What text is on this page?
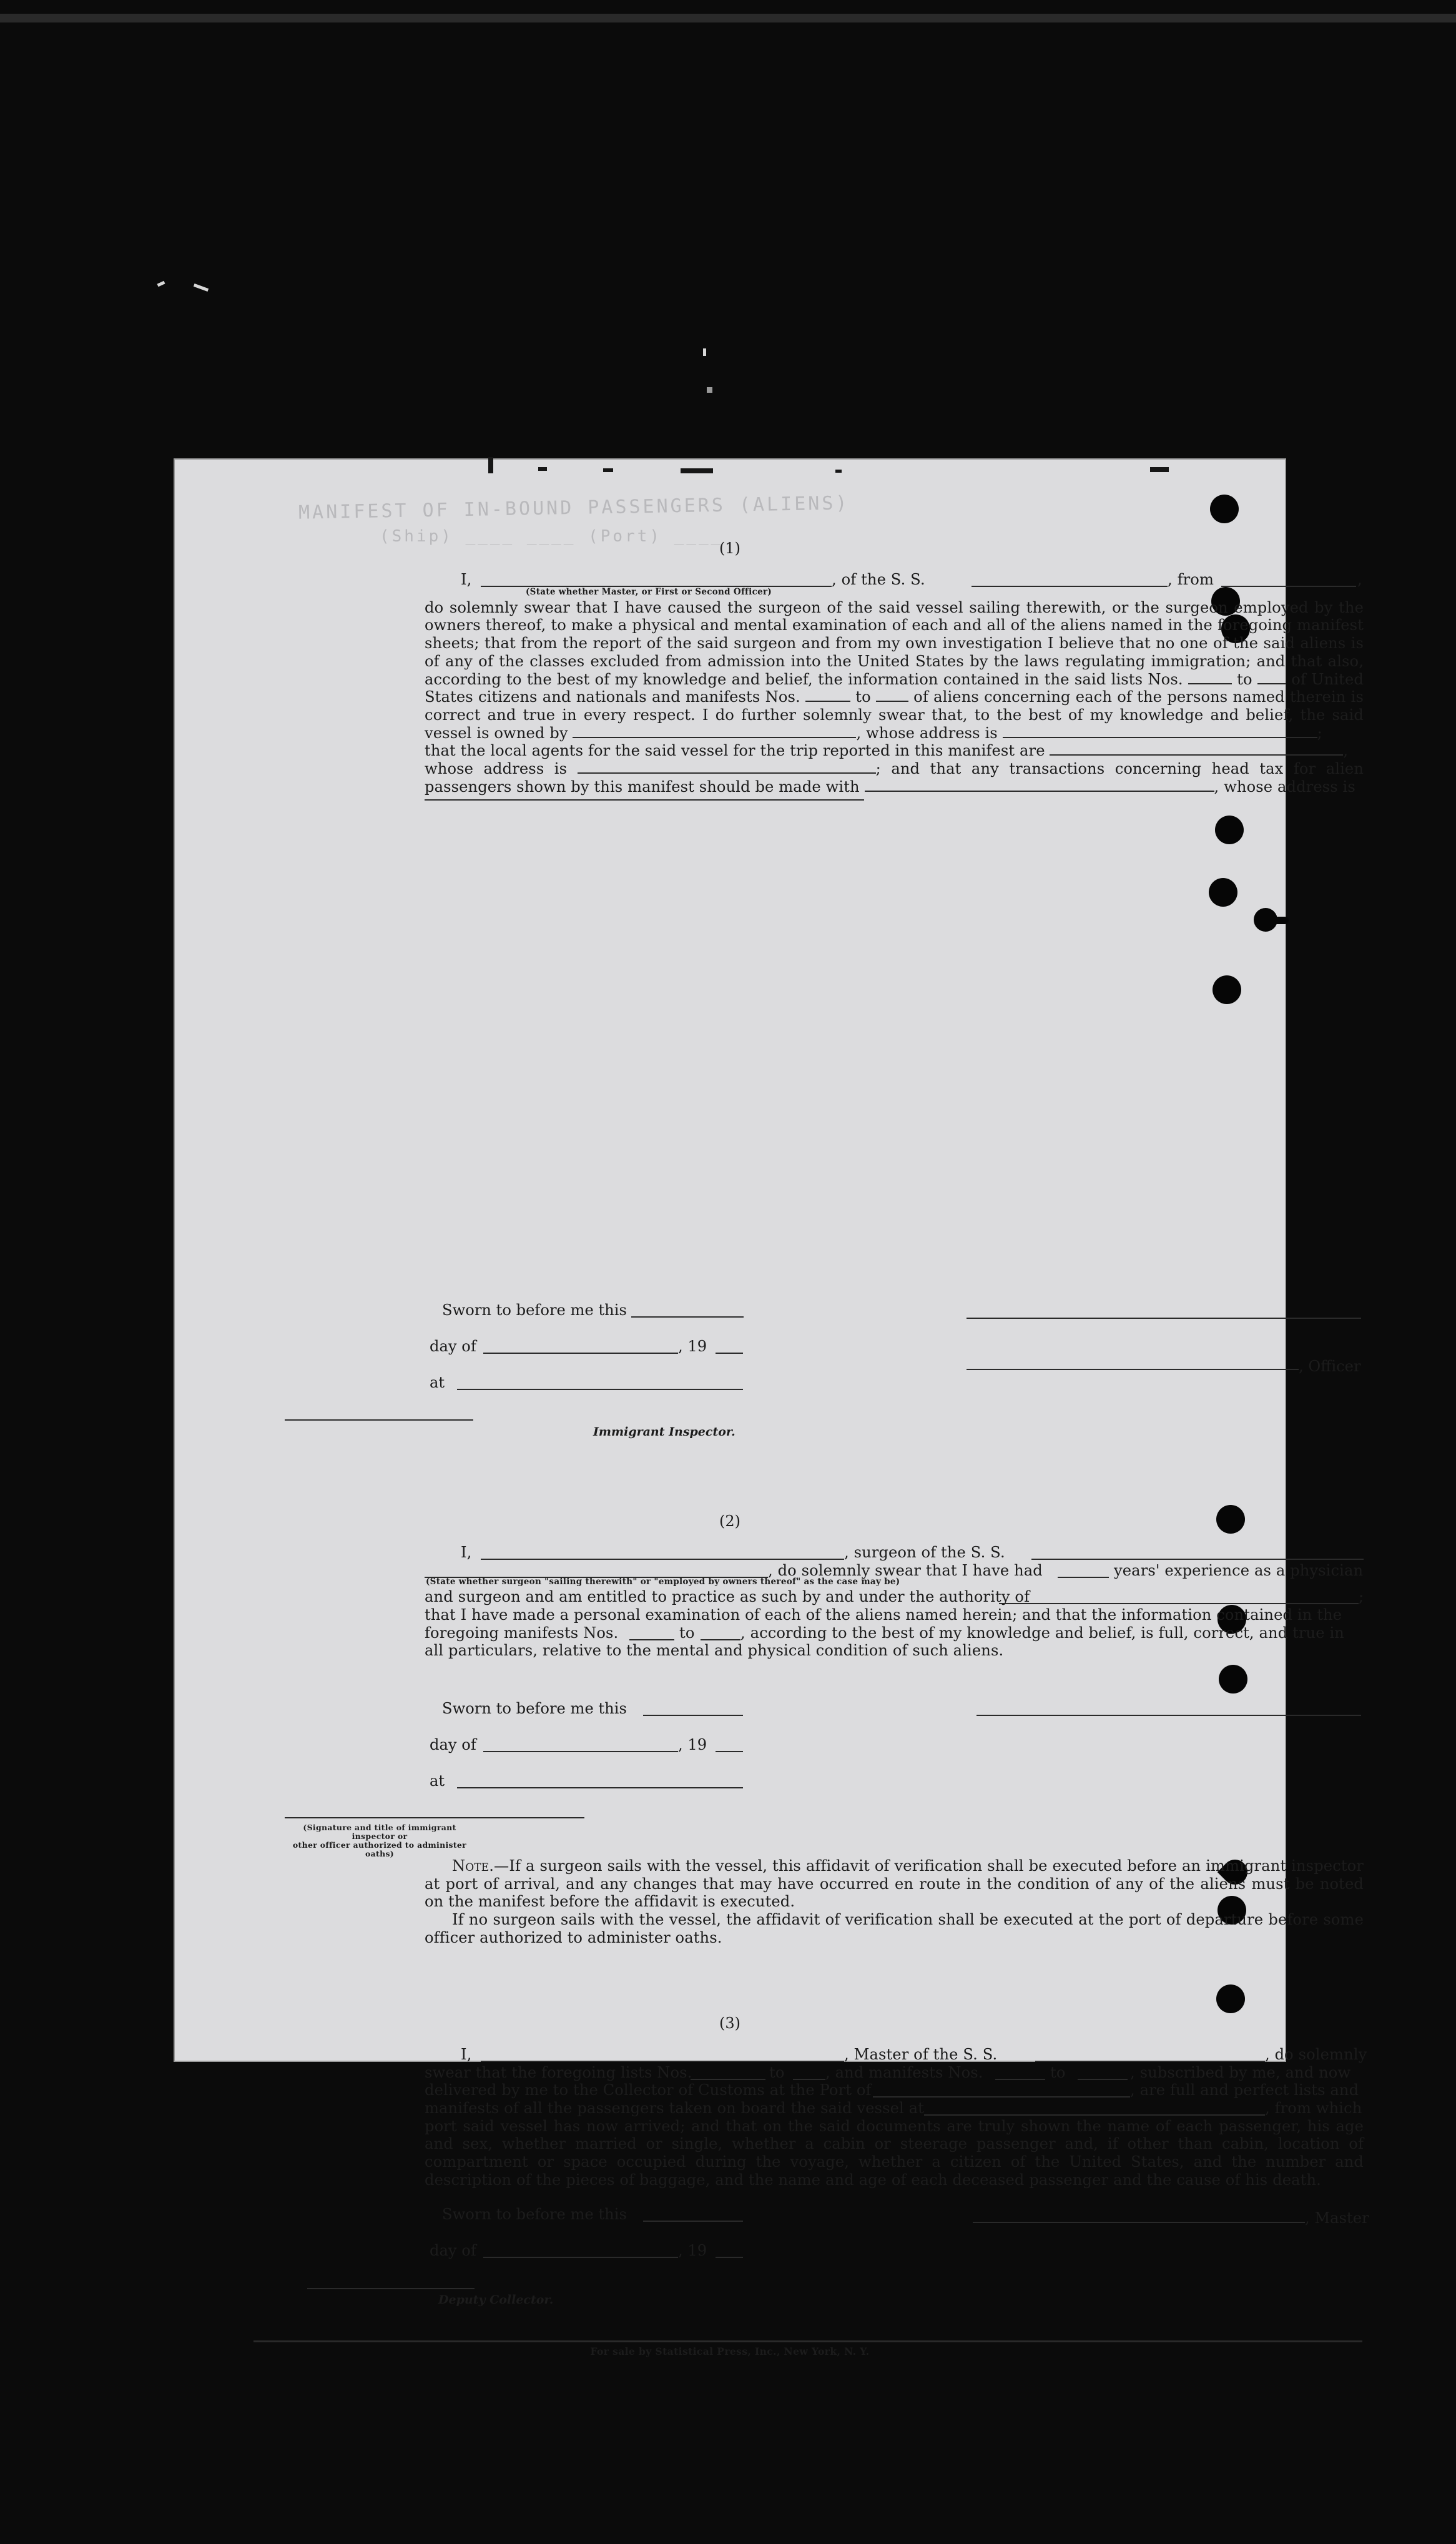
MANIFEST OF IN-BOUND PASSENGERS (ALIENS)
(Ship) ____ ____ (Port) ____
(1)
I,	, of the S. S.	, from	,
(State whether Master, or First or Second Officer)

do solemnly swear that I have caused the surgeon of the said vessel sailing therewith, or the surgeon employed by the owners thereof, to make a physical and mental examination of each and all of the aliens named in the foregoing manifest sheets; that from the report of the said surgeon and from my own investigation I believe that no one of the said aliens is of any of the classes excluded from admission into the United States by the laws regulating immigration; and that also, according to the best of my knowledge and belief, the information contained in the said lists Nos.	to	of United States citizens and nationals and manifests Nos.	to	of aliens concerning each of the persons named therein is correct and true in every respect. I do further solemnly swear that, to the best of my knowledge and belief, the said vessel is owned by	, whose address is	;
that the local agents for the said vessel for the trip reported in this manifest are	,
whose address is	; and that any transactions concerning head tax for alien passengers shown by this manifest should be made with	, whose address is

Sworn to before me this
day of	, 19
at
Immigrant Inspector.
, Officer
(2)
I,	, surgeon of the S. S.
, do solemnly swear that I have had	years' experience as a physician
(State whether surgeon "sailing therewith" or "employed by owners thereof" as the case may be)
and surgeon and am entitled to practice as such by and under the authority of	;

that I have made a personal examination of each of the aliens named herein; and that the information contained in the

foregoing manifests Nos.	to	, according to the best of my knowledge and belief, is full, correct, and true in

all particulars, relative to the mental and physical condition of such aliens.

Sworn to before me this
day of	, 19
at
(Signature and title of immigrant inspector or
other officer authorized to administer oaths)

Note.—If a surgeon sails with the vessel, this affidavit of verification shall be executed before an immigrant inspector at port of arrival, and any changes that may have occurred en route in the condition of any of the aliens must be noted on the manifest before the affidavit is executed.

If no surgeon sails with the vessel, the affidavit of verification shall be executed at the port of departure before some officer authorized to administer oaths.

(3)
I,	, Master of the S. S.	, do solemnly
swear that the foregoing lists Nos.	to	, and manifests Nos.	to	, subscribed by me, and now
delivered by me to the Collector of Customs at the Port of	, are full and perfect lists and
manifests of all the passengers taken on board the said vessel at	, from which

port said vessel has now arrived; and that on the said documents are truly shown the name of each passenger, his age and sex, whether married or single, whether a cabin or steerage passenger and, if other than cabin, location of compartment or space occupied during the voyage, whether a citizen of the United States, and the number and description of the pieces of baggage, and the name and age of each deceased passenger and the cause of his death.

Sworn to before me this
day of	, 19
, Master
Deputy Collector.
For sale by Statistical Press, Inc., New York, N. Y.
